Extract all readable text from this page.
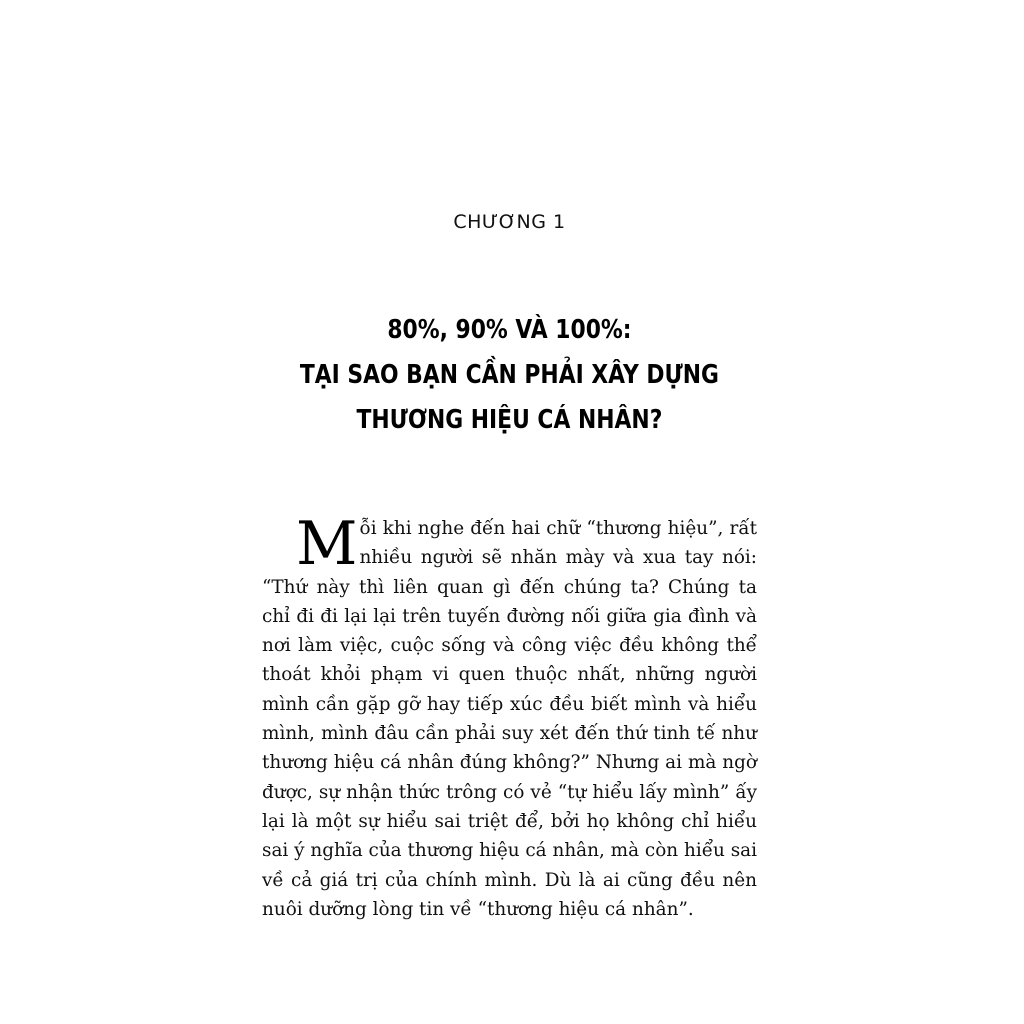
CHƯƠNG 1
80%, 90% VÀ 100%:
TẠI SAO BẠN CẦN PHẢI XÂY DỰNG
THƯƠNG HIỆU CÁ NHÂN?

Mỗi khi nghe đến hai chữ “thương hiệu”, rất nhiều người sẽ nhăn mày và xua tay nói: “Thứ này thì liên quan gì đến chúng ta? Chúng ta chỉ đi đi lại lại trên tuyến đường nối giữa gia đình và nơi làm việc, cuộc sống và công việc đều không thể thoát khỏi phạm vi quen thuộc nhất, những người mình cần gặp gỡ hay tiếp xúc đều biết mình và hiểu mình, mình đâu cần phải suy xét đến thứ tinh tế như thương hiệu cá nhân đúng không?” Nhưng ai mà ngờ được, sự nhận thức trông có vẻ “tự hiểu lấy mình” ấy lại là một sự hiểu sai triệt để, bởi họ không chỉ hiểu sai ý nghĩa của thương hiệu cá nhân, mà còn hiểu sai về cả giá trị của chính mình. Dù là ai cũng đều nên nuôi dưỡng lòng tin về “thương hiệu cá nhân”.
